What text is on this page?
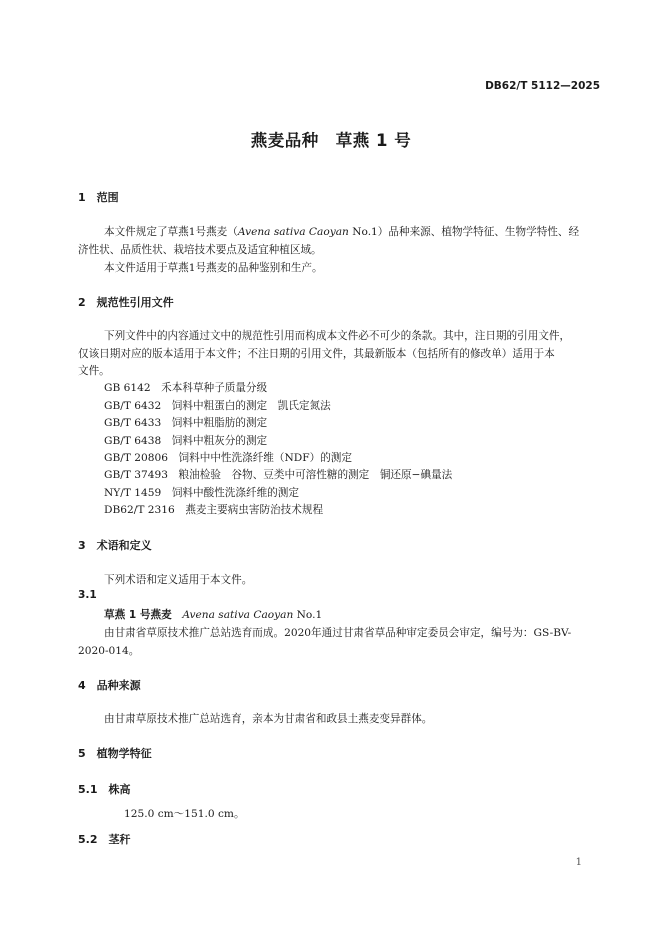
DB62/T 5112—2025
燕麦品种　草燕 1 号
1　范围
本文件规定了草燕1号燕麦（Avena sativa Caoyan No.1）品种来源、植物学特征、生物学特性、经
济性状、品质性状、栽培技术要点及适宜种植区域。
本文件适用于草燕1号燕麦的品种鉴别和生产。
2　规范性引用文件
下列文件中的内容通过文中的规范性引用而构成本文件必不可少的条款。其中，注日期的引用文件，
仅该日期对应的版本适用于本文件；不注日期的引用文件，其最新版本（包括所有的修改单）适用于本
文件。
GB 6142　禾本科草种子质量分级
GB/T 6432　饲料中粗蛋白的测定　凯氏定氮法
GB/T 6433　饲料中粗脂肪的测定
GB/T 6438　饲料中粗灰分的测定
GB/T 20806　饲料中中性洗涤纤维（NDF）的测定
GB/T 37493　粮油检验　谷物、豆类中可溶性糖的测定　铜还原−碘量法
NY/T 1459　饲料中酸性洗涤纤维的测定
DB62/T 2316　燕麦主要病虫害防治技术规程
3　术语和定义
下列术语和定义适用于本文件。
3.1
草燕 1 号燕麦　 Avena sativa Caoyan No.1
由甘肃省草原技术推广总站选育而成。2020年通过甘肃省草品种审定委员会审定，编号为：GS-BV-
2020-014。
4　品种来源
由甘肃草原技术推广总站选育，亲本为甘肃省和政县土燕麦变异群体。
5　植物学特征
5.1　株高
125.0 cm～151.0 cm。
5.2　茎秆
1
